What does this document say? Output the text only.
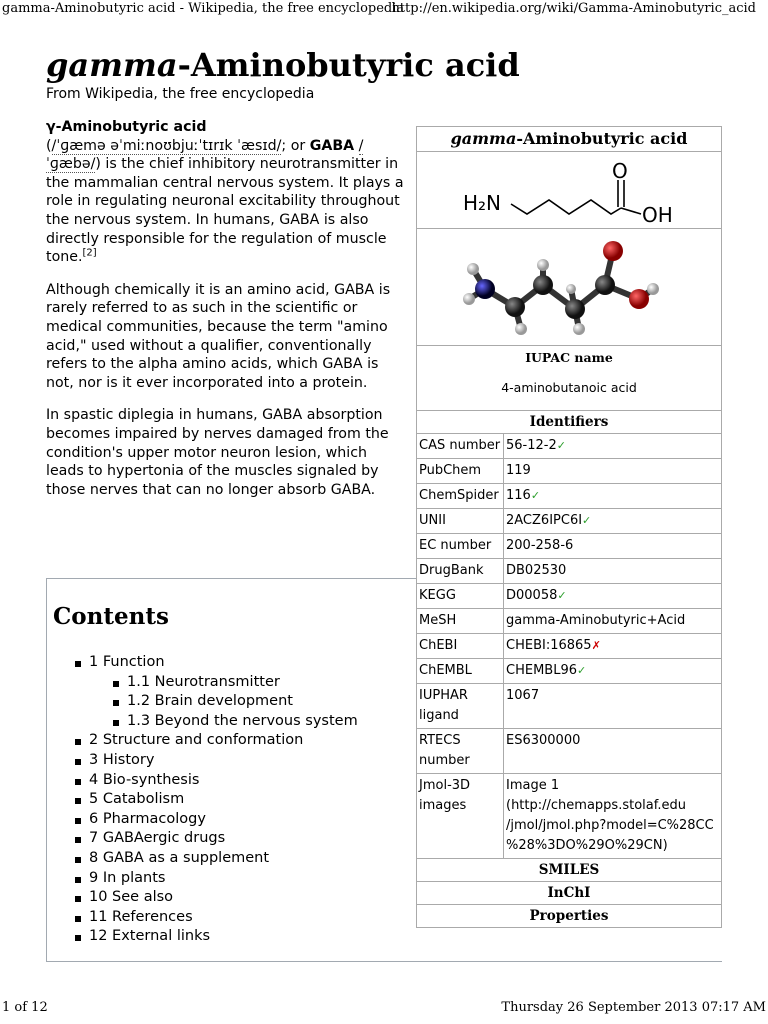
gamma-Aminobutyric acid - Wikipedia, the free encyclopedia
http://en.wikipedia.org/wiki/Gamma-Aminobutyric_acid
gamma-Aminobutyric acid
From Wikipedia, the free encyclopedia

γ-Aminobutyric acid
(/ˈɡæmə əˈmiːnoʊbjuːˈtɪrɪk ˈæsɪd/; or GABA /ˈɡæbə/) is the chief inhibitory neurotransmitter in the mammalian central nervous system. It plays a role in regulating neuronal excitability throughout the nervous system. In humans, GABA is also directly responsible for the regulation of muscle tone.[2]

Although chemically it is an amino acid, GABA is rarely referred to as such in the scientific or medical communities, because the term "amino acid," used without a qualifier, conventionally refers to the alpha amino acids, which GABA is not, nor is it ever incorporated into a protein.

In spastic diplegia in humans, GABA absorption becomes impaired by nerves damaged from the condition's upper motor neuron lesion, which leads to hypertonia of the muscles signaled by those nerves that can no longer absorb GABA.

Contents
1 Function
1.1 Neurotransmitter
1.2 Brain development
1.3 Beyond the nervous system
2 Structure and conformation
3 History
4 Bio-synthesis
5 Catabolism
6 Pharmacology
7 GABAergic drugs
8 GABA as a supplement
9 In plants
10 See also
11 References
12 External links
gamma-Aminobutyric acid
H₂N
O
OH
IUPAC name
4-aminobutanoic acid
Identifiers
CAS number	56-12-2✓
PubChem	119
ChemSpider	116✓
UNII	2ACZ6IPC6I✓
EC number	200-258-6
DrugBank	DB02530
KEGG	D00058✓
MeSH	gamma-Aminobutyric+Acid
ChEBI	CHEBI:16865✗
ChEMBL	CHEMBL96✓
IUPHAR ligand	1067
RTECS number	ES6300000
Jmol-3D images	Image 1 (http://chemapps.stolaf.edu /jmol/jmol.php?model=C%28CC %28%3DO%29O%29CN)
SMILES
InChI
Properties
1 of 12	Thursday 26 September 2013 07:17 AM
